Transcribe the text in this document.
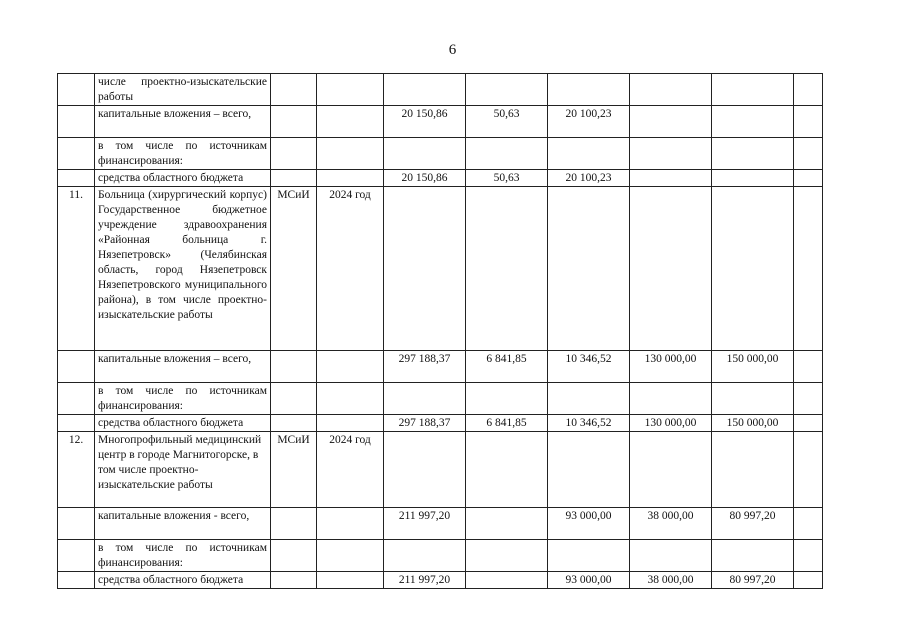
6
	числе проектно-изыскательские работы								
	капитальные вложения – всего,			20 150,86	50,63	20 100,23			
	в том числе по источникам финансирования:								
	средства областного бюджета			20 150,86	50,63	20 100,23			
11.	Больница (хирургический корпус) Государственное бюджетное учреждение здравоохранения «Районная больница г. Нязепетровск» (Челябинская область, город Нязепетровск Нязепетровского муниципального района), в том числе проектно-изыскательские работы	МСиИ	2024 год						
	капитальные вложения – всего,			297 188,37	6 841,85	10 346,52	130 000,00	150 000,00	
	в том числе по источникам финансирования:								
	средства областного бюджета			297 188,37	6 841,85	10 346,52	130 000,00	150 000,00	
12.	Многопрофильный медицинский центр в городе Магнитогорске, в том числе проектно-изыскательские работы	МСиИ	2024 год						
	капитальные вложения - всего,			211 997,20		93 000,00	38 000,00	80 997,20	
	в том числе по источникам финансирования:								
	средства областного бюджета			211 997,20		93 000,00	38 000,00	80 997,20	
